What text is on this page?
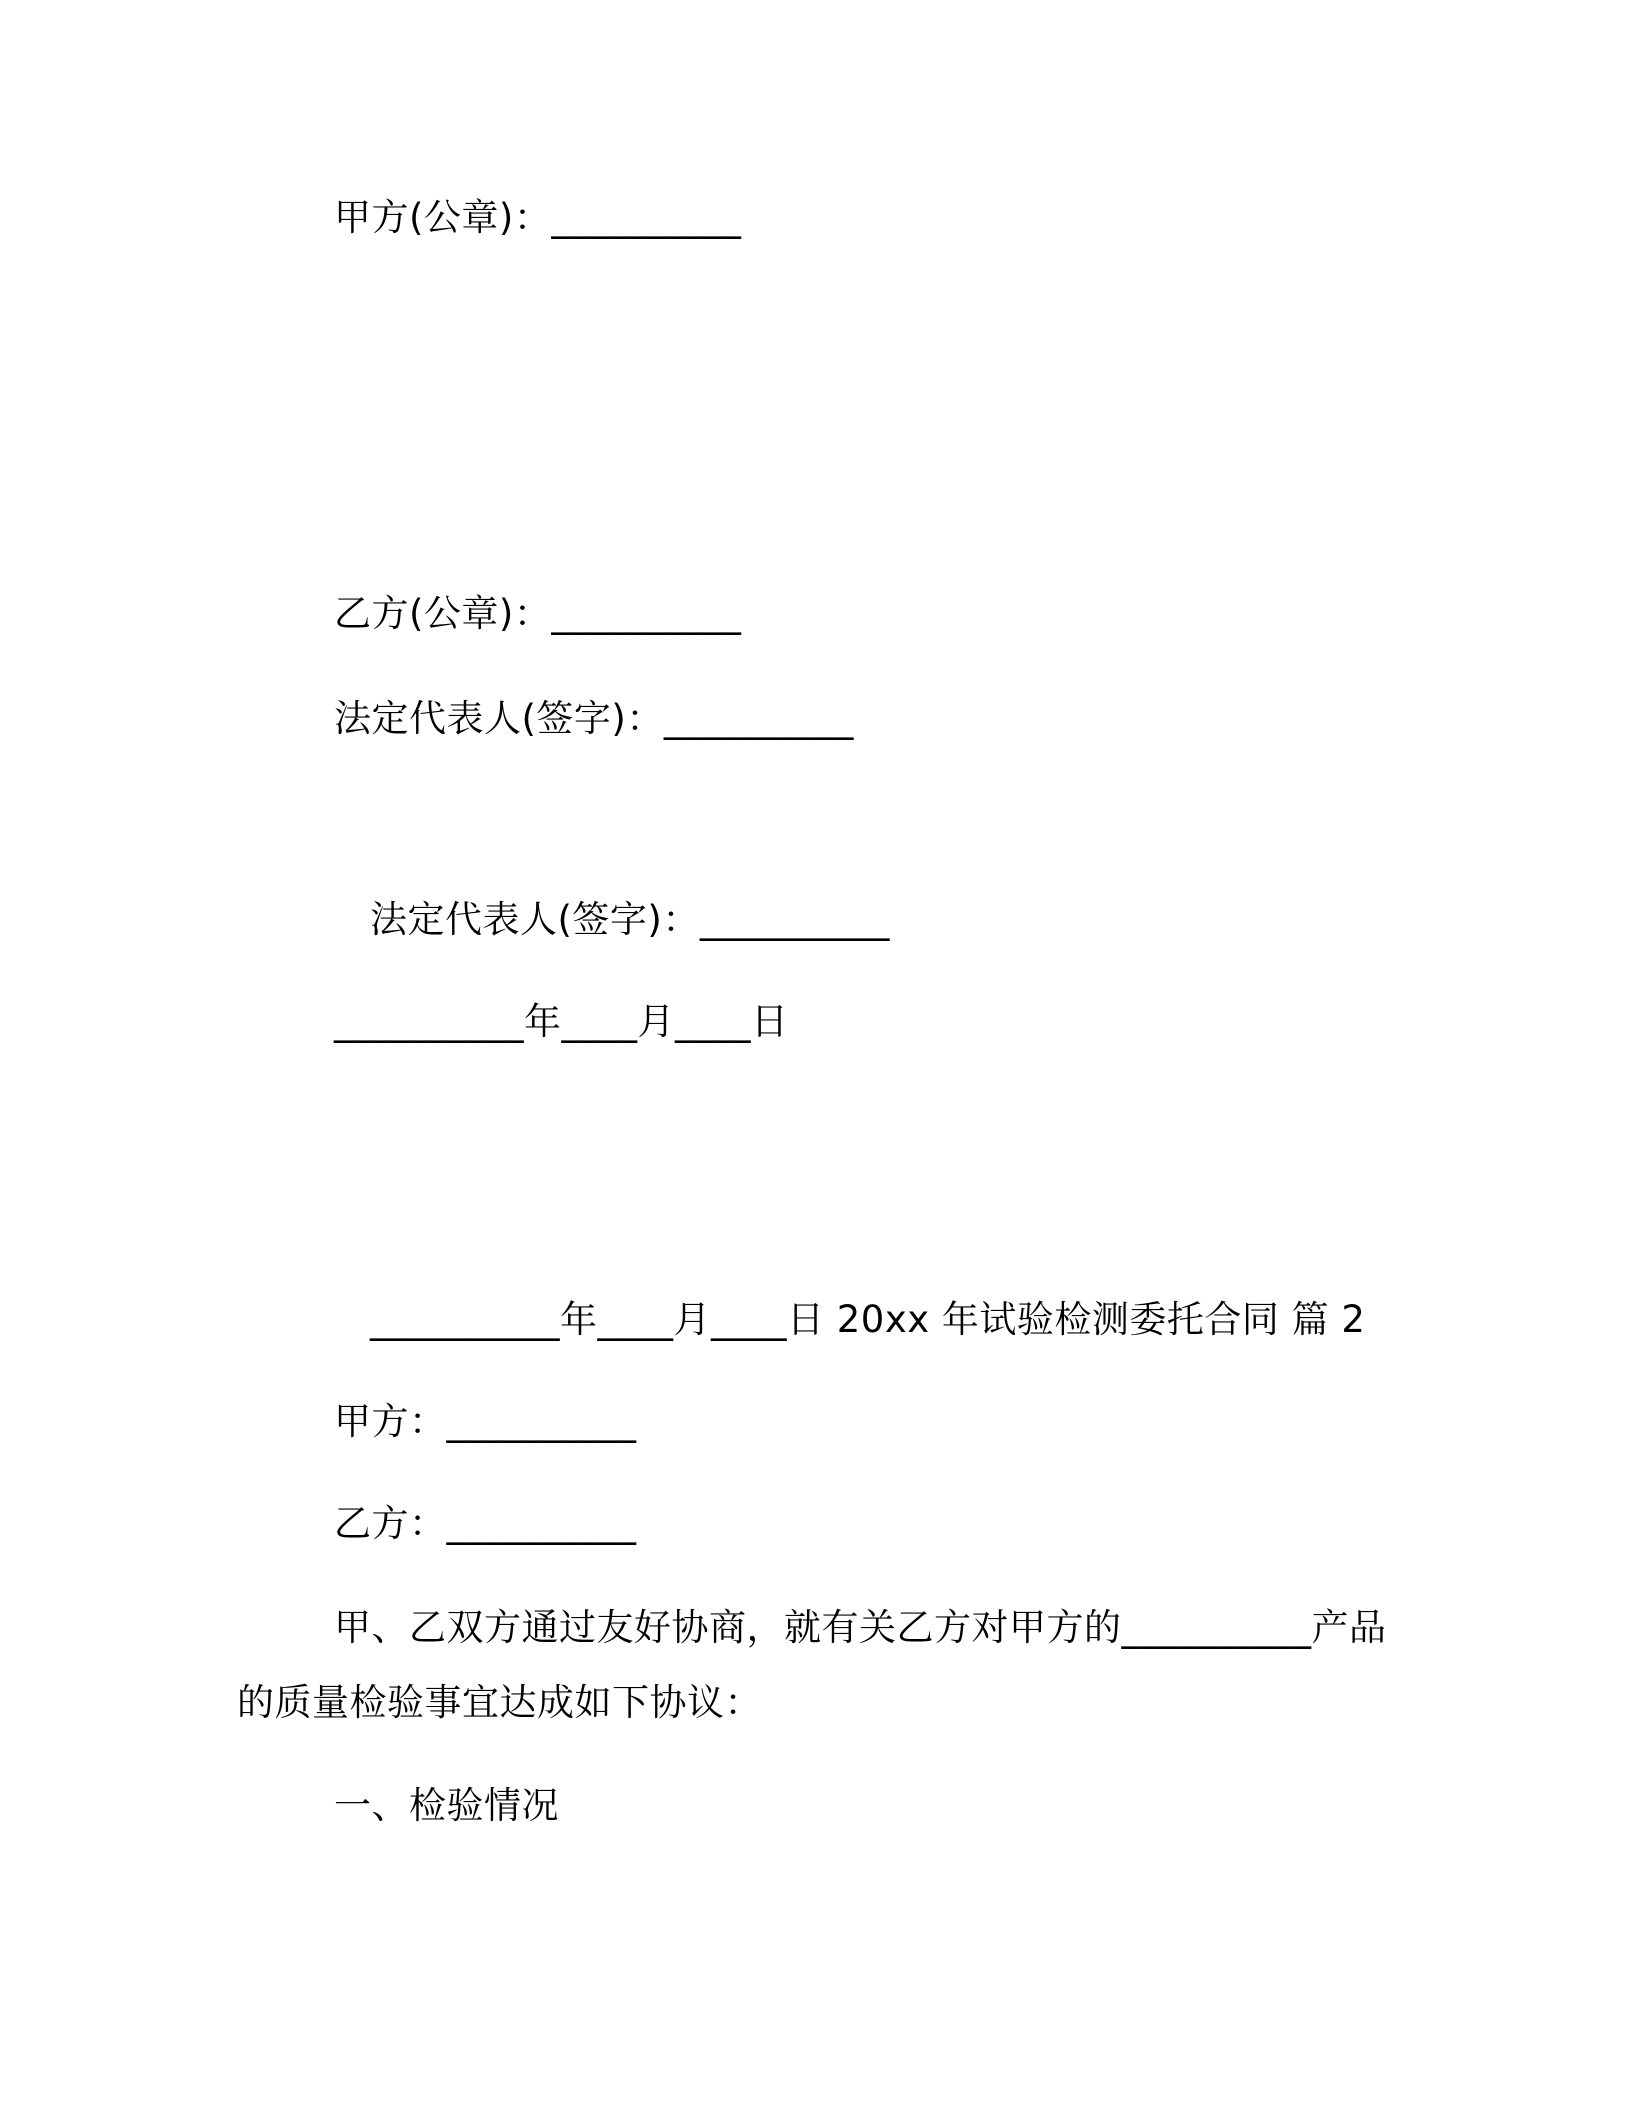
甲方(公章)：__________
乙方(公章)：__________
法定代表人(签字)：__________
法定代表人(签字)：__________
__________年____月____日
__________年____月____日 20xx 年试验检测委托合同 篇 2
甲方：__________
乙方：__________
甲、乙双方通过友好协商，就有关乙方对甲方的__________产品
的质量检验事宜达成如下协议：
一、检验情况
